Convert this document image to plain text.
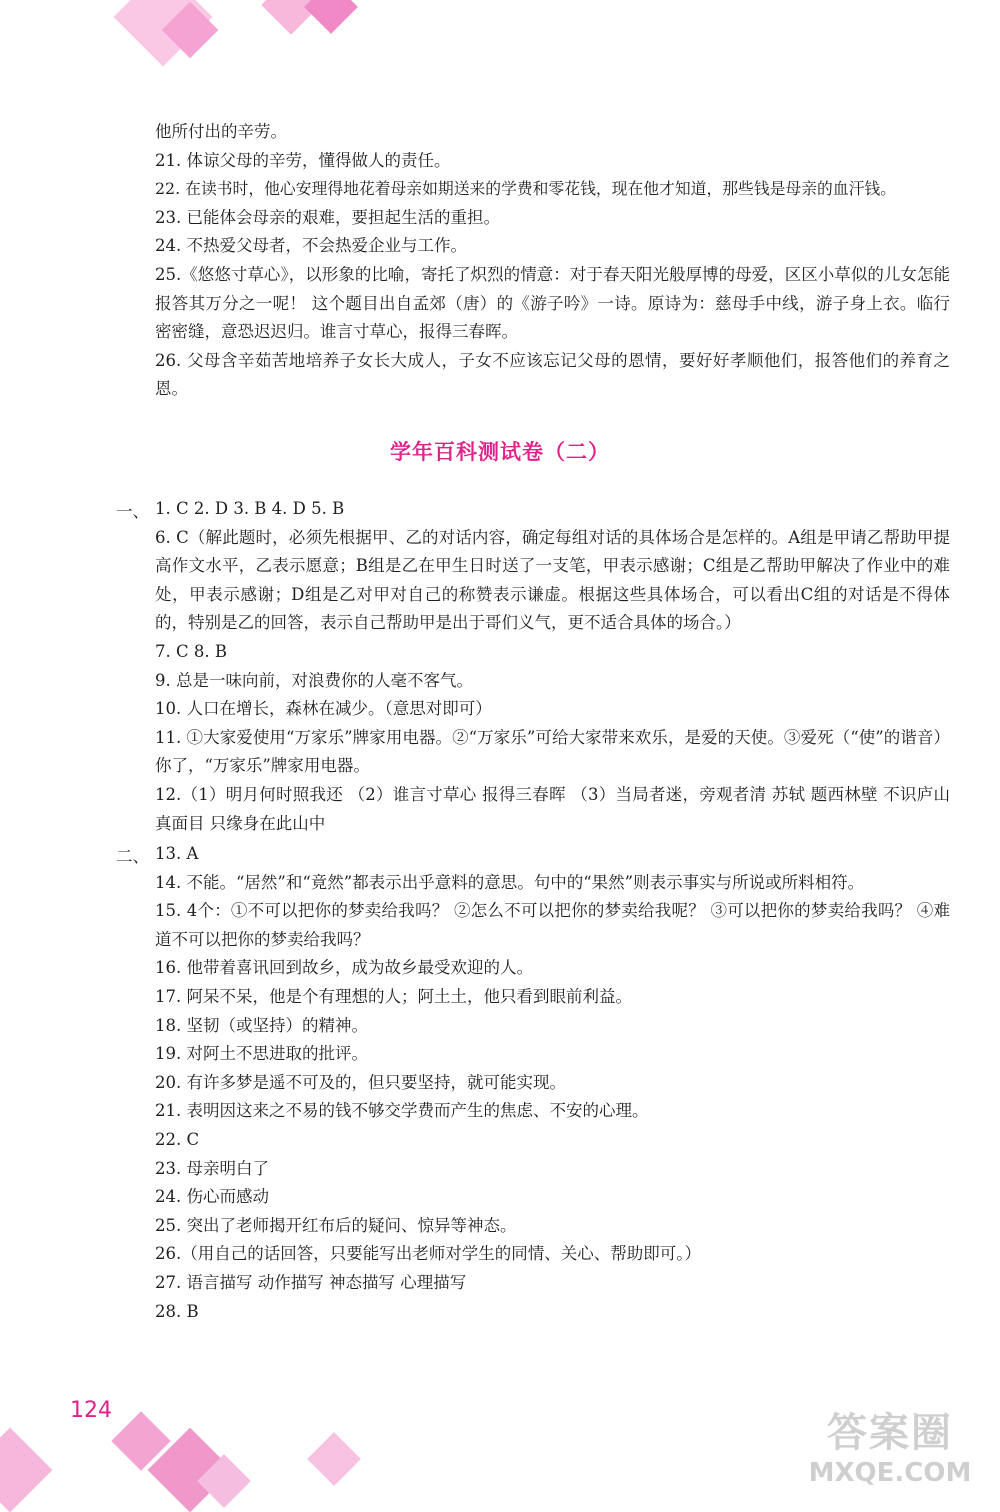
他所付出的辛劳。
21. 体谅父母的辛劳，懂得做人的责任。
22. 在读书时，他心安理得地花着母亲如期送来的学费和零花钱，现在他才知道，那些钱是母亲的血汗钱。
23. 已能体会母亲的艰难，要担起生活的重担。
24. 不热爱父母者，不会热爱企业与工作。
25.《悠悠寸草心》，以形象的比喻，寄托了炽烈的情意：对于春天阳光般厚博的母爱，区区小草似的儿女怎能报答其万分之一呢！ 这个题目出自孟郊（唐）的《游子吟》一诗。原诗为：慈母手中线，游子身上衣。临行密密缝，意恐迟迟归。谁言寸草心，报得三春晖。
26. 父母含辛茹苦地培养子女长大成人，子女不应该忘记父母的恩情，要好好孝顺他们，报答他们的养育之恩。
学年百科测试卷（二）
一、 1. C 2. D 3. B 4. D 5. B
6. C（解此题时，必须先根据甲、乙的对话内容，确定每组对话的具体场合是怎样的。A组是甲请乙帮助甲提高作文水平，乙表示愿意；B组是乙在甲生日时送了一支笔，甲表示感谢；C组是乙帮助甲解决了作业中的难处，甲表示感谢；D组是乙对甲对自己的称赞表示谦虚。根据这些具体场合，可以看出C组的对话是不得体的，特别是乙的回答，表示自己帮助甲是出于哥们义气，更不适合具体的场合。）
7. C 8. B
9. 总是一味向前，对浪费你的人毫不客气。
10. 人口在增长，森林在减少。（意思对即可）
11. ①大家爱使用“万家乐”牌家用电器。②“万家乐”可给大家带来欢乐，是爱的天使。③爱死（“使”的谐音）你了，“万家乐”牌家用电器。
12.（1）明月何时照我还 （2）谁言寸草心 报得三春晖 （3）当局者迷，旁观者清 苏轼 题西林壁 不识庐山真面目 只缘身在此山中
二、 13. A
14. 不能。“居然”和“竟然”都表示出乎意料的意思。句中的“果然”则表示事实与所说或所料相符。
15. 4个：①不可以把你的梦卖给我吗？ ②怎么不可以把你的梦卖给我呢？ ③可以把你的梦卖给我吗？ ④难道不可以把你的梦卖给我吗？
16. 他带着喜讯回到故乡，成为故乡最受欢迎的人。
17. 阿呆不呆，他是个有理想的人；阿土土，他只看到眼前利益。
18. 坚韧（或坚持）的精神。
19. 对阿土不思进取的批评。
20. 有许多梦是遥不可及的，但只要坚持，就可能实现。
21. 表明因这来之不易的钱不够交学费而产生的焦虑、不安的心理。
22. C
23. 母亲明白了
24. 伤心而感动
25. 突出了老师揭开红布后的疑问、惊异等神态。
26.（用自己的话回答，只要能写出老师对学生的同情、关心、帮助即可。）
27. 语言描写 动作描写 神态描写 心理描写
28. B
124	答案圈
MXQE.COM
